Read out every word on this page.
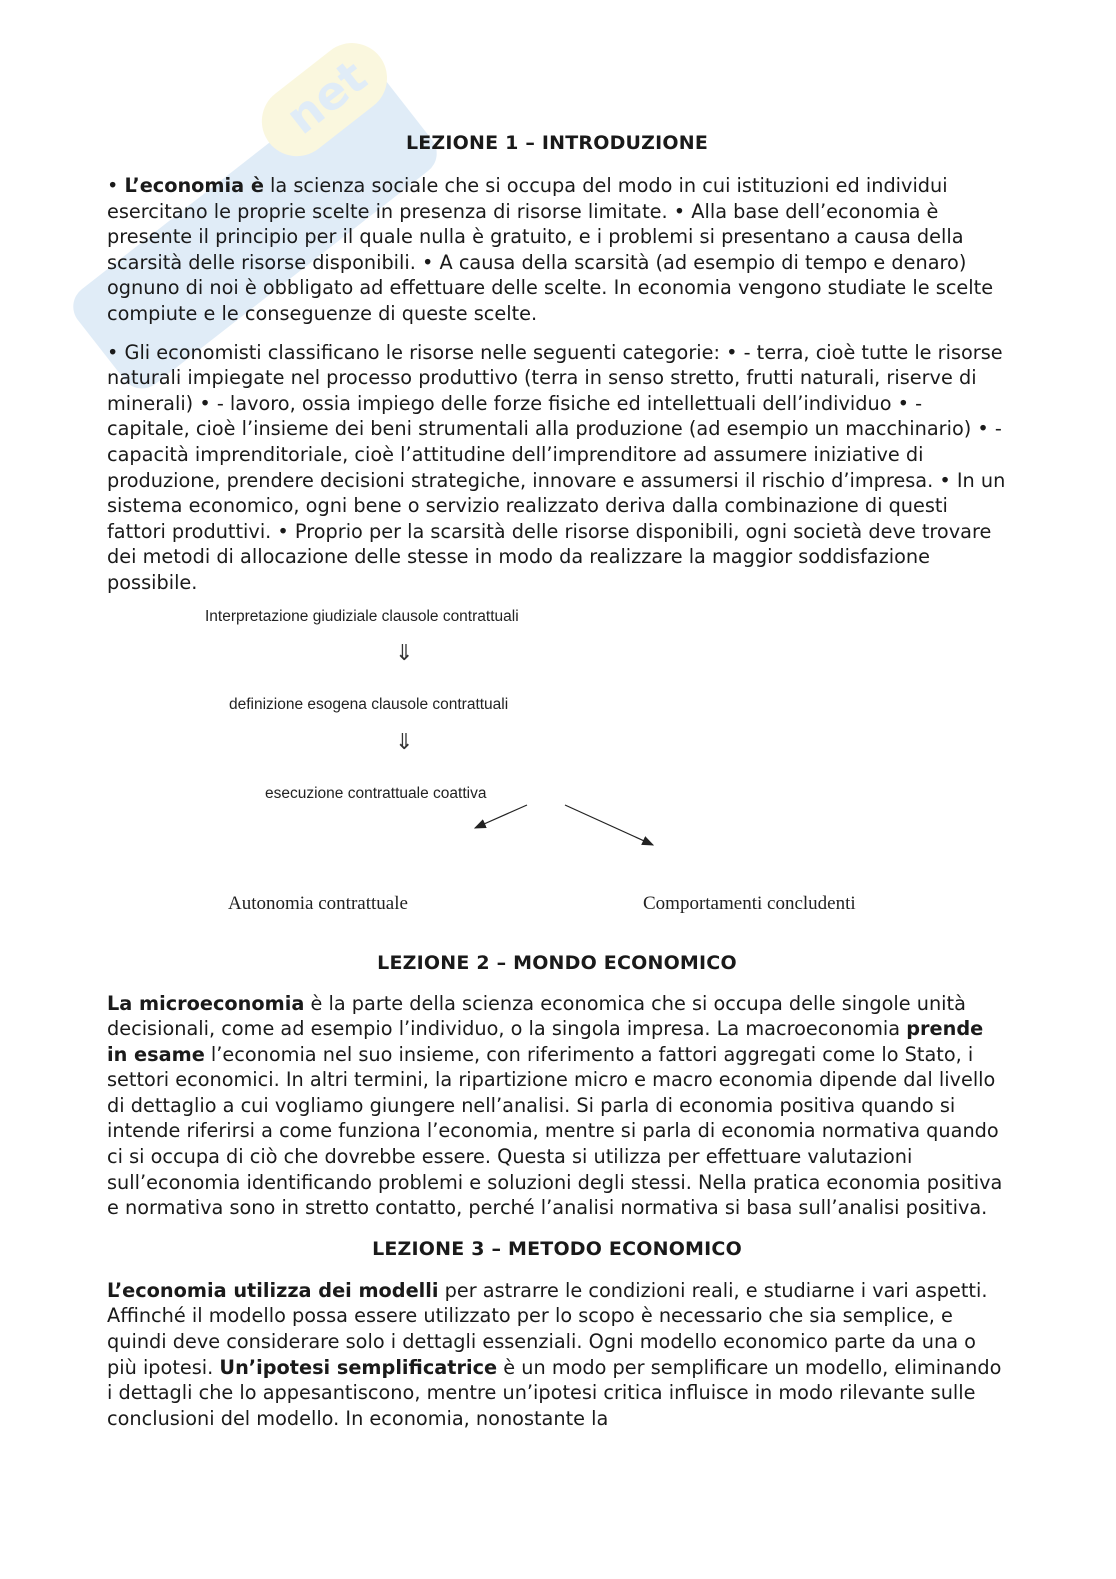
net	LEZIONE 1 – INTRODUZIONE

• L’economia è la scienza sociale che si occupa del modo in cui istituzioni ed individui esercitano le proprie scelte in presenza di risorse limitate. • Alla base dell’economia è presente il principio per il quale nulla è gratuito, e i problemi si presentano a causa della scarsità delle risorse disponibili. • A causa della scarsità (ad esempio di tempo e denaro) ognuno di noi è obbligato ad effettuare delle scelte. In economia vengono studiate le scelte compiute e le conseguenze di queste scelte.

• Gli economisti classificano le risorse nelle seguenti categorie: • - terra, cioè tutte le risorse naturali impiegate nel processo produttivo (terra in senso stretto, frutti naturali, riserve di minerali) • - lavoro, ossia impiego delle forze fisiche ed intellettuali dell’individuo • - capitale, cioè l’insieme dei beni strumentali alla produzione (ad esempio un macchinario) • -capacità imprenditoriale, cioè l’attitudine dell’imprenditore ad assumere iniziative di produzione, prendere decisioni strategiche, innovare e assumersi il rischio d’impresa. • In un sistema economico, ogni bene o servizio realizzato deriva dalla combinazione di questi fattori produttivi. • Proprio per la scarsità delle risorse disponibili, ogni società deve trovare dei metodi di allocazione delle stesse in modo da realizzare la maggior soddisfazione possibile.

Interpretazione giudiziale clausole contrattuali
⇓
definizione esogena clausole contrattuali
⇓
esecuzione contrattuale coattiva
Autonomia contrattuale	Comportamenti concludenti
LEZIONE 2 – MONDO ECONOMICO

La microeconomia è la parte della scienza economica che si occupa delle singole unità decisionali, come ad esempio l’individuo, o la singola impresa. La macroeconomia prende in esame l’economia nel suo insieme, con riferimento a fattori aggregati come lo Stato, i settori economici. In altri termini, la ripartizione micro e macro economia dipende dal livello di dettaglio a cui vogliamo giungere nell’analisi. Si parla di economia positiva quando si intende riferirsi a come funziona l’economia, mentre si parla di economia normativa quando ci si occupa di ciò che dovrebbe essere. Questa si utilizza per effettuare valutazioni sull’economia identificando problemi e soluzioni degli stessi. Nella pratica economia positiva e normativa sono in stretto contatto, perché l’analisi normativa si basa sull’analisi positiva.

LEZIONE 3 – METODO ECONOMICO

L’economia utilizza dei modelli per astrarre le condizioni reali, e studiarne i vari aspetti. Affinché il modello possa essere utilizzato per lo scopo è necessario che sia semplice, e quindi deve considerare solo i dettagli essenziali. Ogni modello economico parte da una o più ipotesi. Un’ipotesi semplificatrice è un modo per semplificare un modello, eliminando i dettagli che lo appesantiscono, mentre un’ipotesi critica influisce in modo rilevante sulle conclusioni del modello. In economia, nonostante la
